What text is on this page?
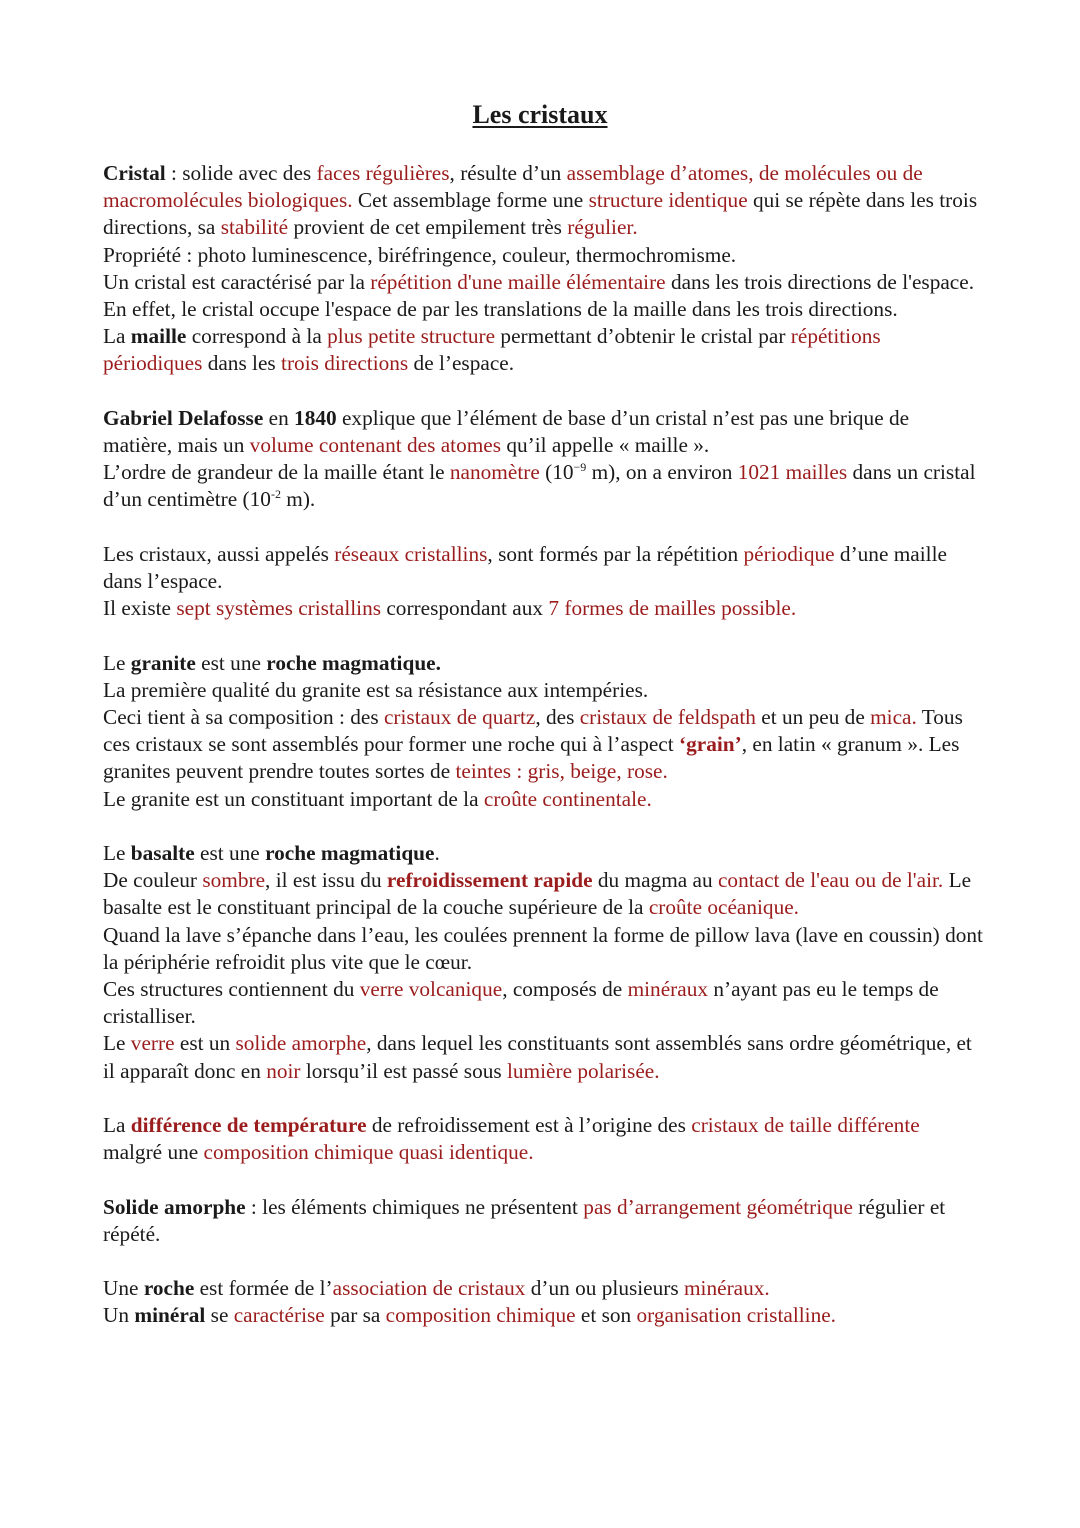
Les cristaux

Cristal : solide avec des faces régulières, résulte d’un assemblage d’atomes, de molécules ou de macromolécules biologiques. Cet assemblage forme une structure identique qui se répète dans les trois directions, sa stabilité provient de cet empilement très régulier.
Propriété : photo luminescence, biréfringence, couleur, thermochromisme.
Un cristal est caractérisé par la répétition d'une maille élémentaire dans les trois directions de l'espace. En effet, le cristal occupe l'espace de par les translations de la maille dans les trois directions.
La maille correspond à la plus petite structure permettant d’obtenir le cristal par répétitions périodiques dans les trois directions de l’espace.

Gabriel Delafosse en 1840 explique que l’élément de base d’un cristal n’est pas une brique de matière, mais un volume contenant des atomes qu’il appelle « maille ».
L’ordre de grandeur de la maille étant le nanomètre ($10^{-9}$ m), on a environ 1021 mailles dans un cristal d’un centimètre ($10^{-2}$ m).

Les cristaux, aussi appelés réseaux cristallins, sont formés par la répétition périodique d’une maille dans l’espace.
Il existe sept systèmes cristallins correspondant aux 7 formes de mailles possible.

Le granite est une roche magmatique.
La première qualité du granite est sa résistance aux intempéries.
Ceci tient à sa composition : des cristaux de quartz, des cristaux de feldspath et un peu de mica. Tous ces cristaux se sont assemblés pour former une roche qui à l’aspect ‘grain’, en latin « granum ». Les granites peuvent prendre toutes sortes de teintes : gris, beige, rose.
Le granite est un constituant important de la croûte continentale.

Le basalte est une roche magmatique.
De couleur sombre, il est issu du refroidissement rapide du magma au contact de l'eau ou de l'air. Le basalte est le constituant principal de la couche supérieure de la croûte océanique.
Quand la lave s’épanche dans l’eau, les coulées prennent la forme de pillow lava (lave en coussin) dont la périphérie refroidit plus vite que le cœur.
Ces structures contiennent du verre volcanique, composés de minéraux n’ayant pas eu le temps de cristalliser.
Le verre est un solide amorphe, dans lequel les constituants sont assemblés sans ordre géométrique, et il apparaît donc en noir lorsqu’il est passé sous lumière polarisée.

La différence de température de refroidissement est à l’origine des cristaux de taille différente malgré une composition chimique quasi identique.

Solide amorphe : les éléments chimiques ne présentent pas d’arrangement géométrique régulier et répété.

Une roche est formée de l’association de cristaux d’un ou plusieurs minéraux.
Un minéral se caractérise par sa composition chimique et son organisation cristalline.
